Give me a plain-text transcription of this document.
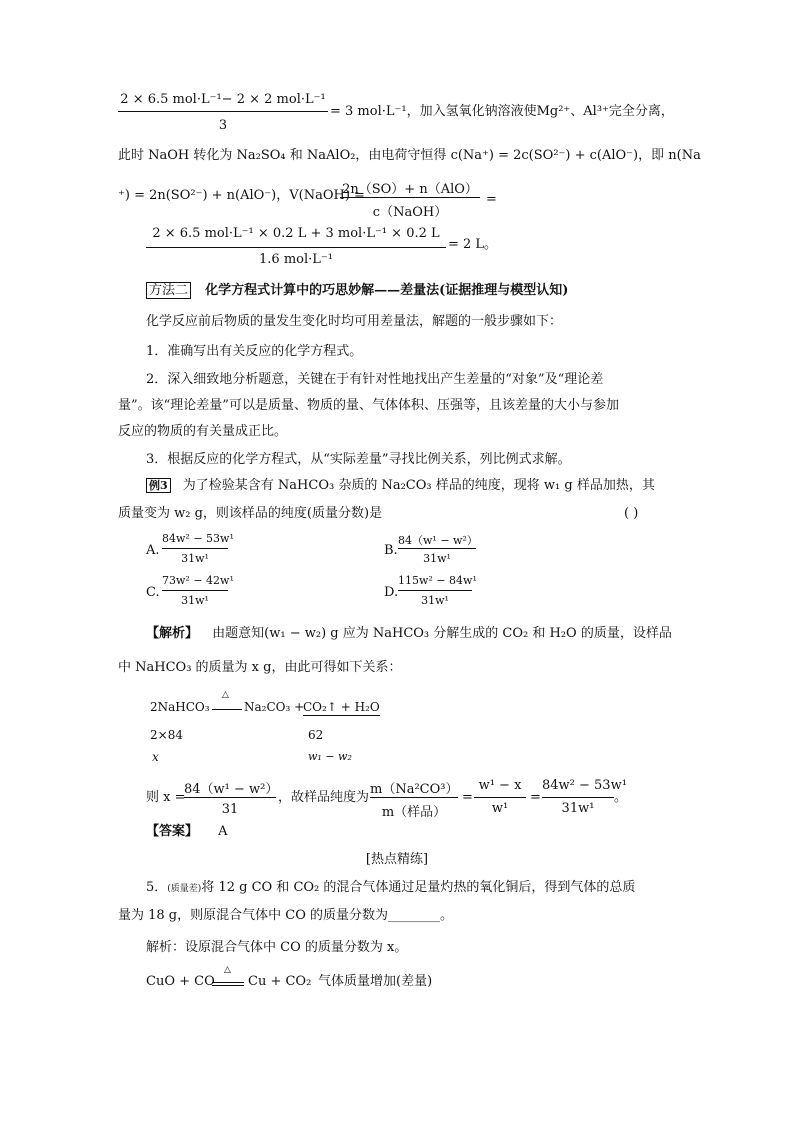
2 × 6.5 mol·L⁻¹− 2 × 2 mol·L⁻¹
3
= 3 mol·L⁻¹，加入氢氧化钠溶液使Mg²⁺、Al³⁺完全分离，
此时 NaOH 转化为 Na₂SO₄ 和 NaAlO₂，由电荷守恒得 c(Na⁺) = 2c(SO²⁻) + c(AlO⁻)，即 n(Na
⁺) = 2n(SO²⁻) + n(AlO⁻)，V(NaOH) =
2n（SO）+ n（AlO）
c（NaOH）
=
2 × 6.5 mol·L⁻¹ × 0.2 L + 3 mol·L⁻¹ × 0.2 L
1.6 mol·L⁻¹
= 2 L。
方法二 化学方程式计算中的巧思妙解——差量法(证据推理与模型认知)
化学反应前后物质的量发生变化时均可用差量法，解题的一般步骤如下：
1．准确写出有关反应的化学方程式。
2．深入细致地分析题意，关键在于有针对性地找出产生差量的“对象”及“理论差
量”。该“理论差量”可以是质量、物质的量、气体体积、压强等，且该差量的大小与参加
反应的物质的有关量成正比。
3．根据反应的化学方程式，从“实际差量”寻找比例关系，列比例式求解。
例3 为了检验某含有 NaHCO₃ 杂质的 Na₂CO₃ 样品的纯度，现将 w₁ g 样品加热，其
质量变为 w₂ g，则该样品的纯度(质量分数)是	( )
A.
84w² − 53w¹
31w¹
B.
84（w¹ − w²）
31w¹
C.
73w² − 42w¹
31w¹
D.
115w² − 84w¹
31w¹
【解析】 由题意知(w₁ − w₂) g 应为 NaHCO₃ 分解生成的 CO₂ 和 H₂O 的质量，设样品
中 NaHCO₃ 的质量为 x g，由此可得如下关系：
2NaHCO₃
△
Na₂CO₃ +
CO₂↑ + H₂O
2×84	62
x	w₁ − w₂
则 x =
84（w¹ − w²）
31
，故样品纯度为
m（Na²CO³）
m（样品）
=
w¹ − x
w¹
=
84w² − 53w¹
31w¹
。
【答案】 A
[热点精练]
5．(质量差)将 12 g CO 和 CO₂ 的混合气体通过足量灼热的氧化铜后，得到气体的总质
量为 18 g，则原混合气体中 CO 的质量分数为________。
解析：设原混合气体中 CO 的质量分数为 x。
CuO + CO
△
Cu + CO₂ 气体质量增加(差量)
